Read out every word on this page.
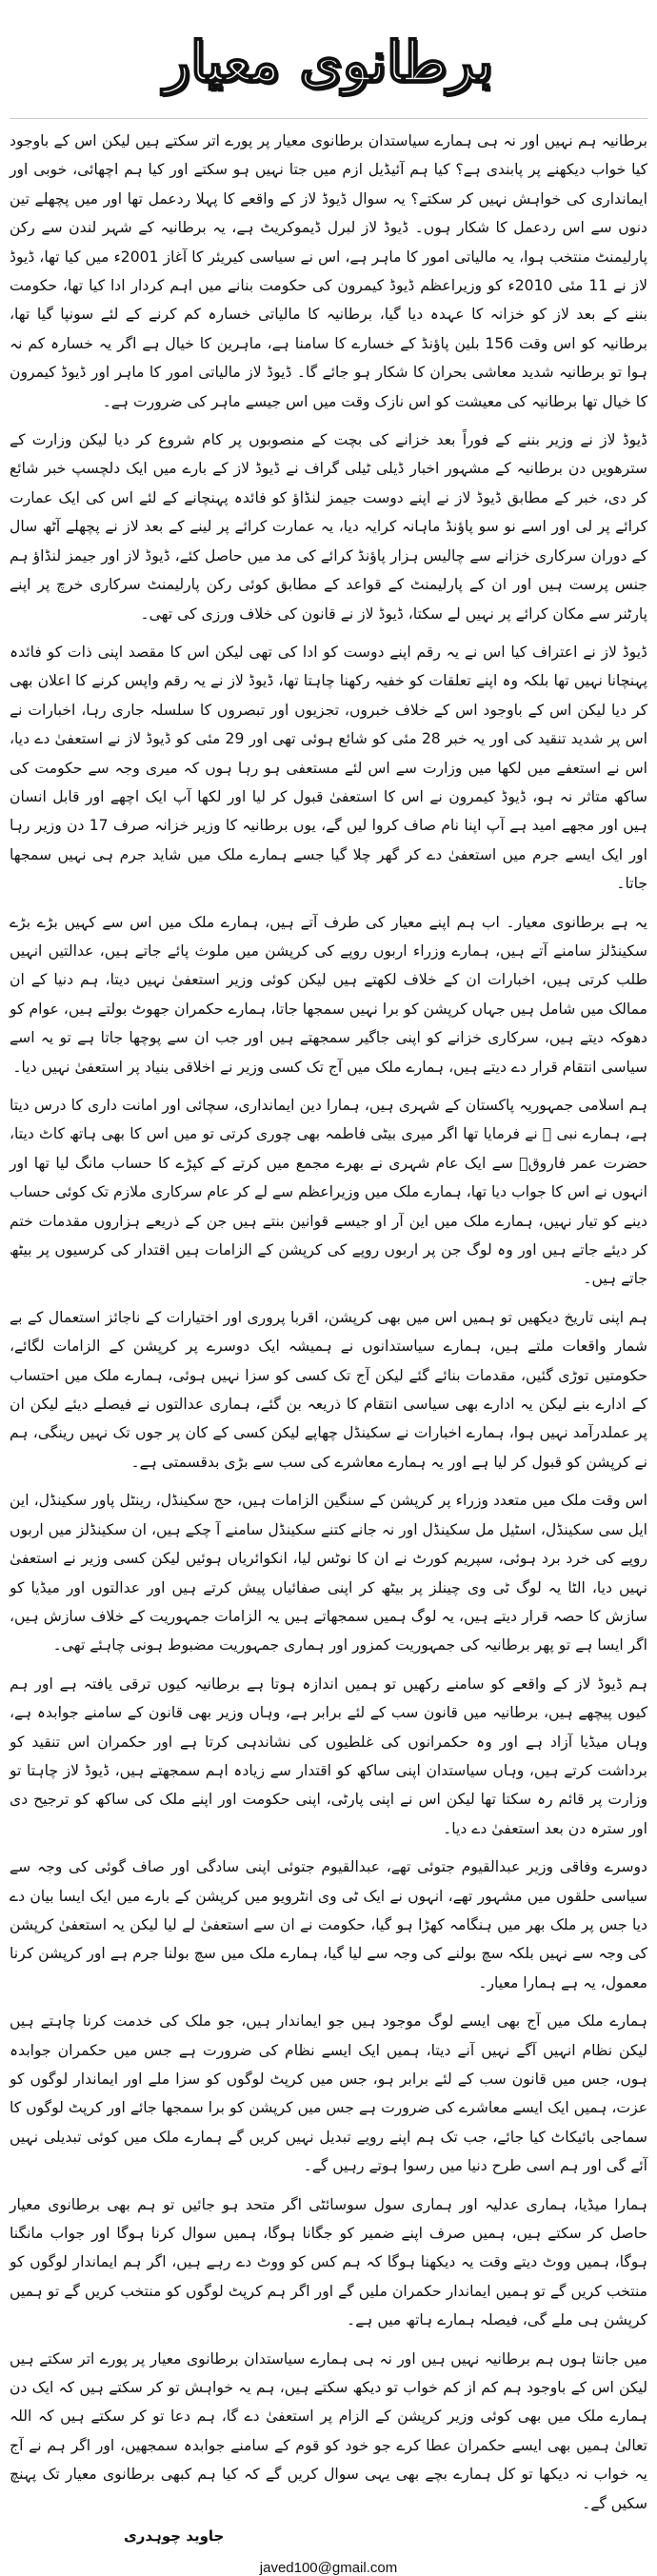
برطانوی معیار

برطانیہ ہم نہیں اور نہ ہی ہمارے سیاستدان برطانوی معیار پر پورے اتر سکتے ہیں لیکن اس کے باوجود کیا خواب دیکھنے پر پابندی ہے؟ کیا ہم آئیڈیل ازم میں جتا نہیں ہو سکتے اور کیا ہم اچھائی، خوبی اور ایمانداری کی خواہش نہیں کر سکتے؟ یہ سوال ڈیوڈ لاز کے واقعے کا پہلا ردعمل تھا اور میں پچھلے تین دنوں سے اس ردعمل کا شکار ہوں۔ ڈیوڈ لاز لبرل ڈیموکریٹ ہے، یہ برطانیہ کے شہر لندن سے رکن پارلیمنٹ منتخب ہوا، یہ مالیاتی امور کا ماہر ہے، اس نے سیاسی کیریئر کا آغاز 2001ء میں کیا تھا، ڈیوڈ لاز نے 11 مئی 2010ء کو وزیراعظم ڈیوڈ کیمرون کی حکومت بنانے میں اہم کردار ادا کیا تھا، حکومت بننے کے بعد لاز کو خزانہ کا عہدہ دیا گیا، برطانیہ کا مالیاتی خسارہ کم کرنے کے لئے سونپا گیا تھا، برطانیہ کو اس وقت 156 بلین پاؤنڈ کے خسارے کا سامنا ہے، ماہرین کا خیال ہے اگر یہ خسارہ کم نہ ہوا تو برطانیہ شدید معاشی بحران کا شکار ہو جائے گا۔ ڈیوڈ لاز مالیاتی امور کا ماہر اور ڈیوڈ کیمرون کا خیال تھا برطانیہ کی معیشت کو اس نازک وقت میں اس جیسے ماہر کی ضرورت ہے۔

ڈیوڈ لاز نے وزیر بننے کے فوراً بعد خزانے کی بچت کے منصوبوں پر کام شروع کر دیا لیکن وزارت کے سترھویں دن برطانیہ کے مشہور اخبار ڈیلی ٹیلی گراف نے ڈیوڈ لاز کے بارے میں ایک دلچسپ خبر شائع کر دی، خبر کے مطابق ڈیوڈ لاز نے اپنے دوست جیمز لنڈاؤ کو فائدہ پہنچانے کے لئے اس کی ایک عمارت کرائے پر لی اور اسے نو سو پاؤنڈ ماہانہ کرایہ دیا، یہ عمارت کرائے پر لینے کے بعد لاز نے پچھلے آٹھ سال کے دوران سرکاری خزانے سے چالیس ہزار پاؤنڈ کرائے کی مد میں حاصل کئے، ڈیوڈ لاز اور جیمز لنڈاؤ ہم جنس پرست ہیں اور ان کے پارلیمنٹ کے قواعد کے مطابق کوئی رکن پارلیمنٹ سرکاری خرچ پر اپنے پارٹنر سے مکان کرائے پر نہیں لے سکتا، ڈیوڈ لاز نے قانون کی خلاف ورزی کی تھی۔

ڈیوڈ لاز نے اعتراف کیا اس نے یہ رقم اپنے دوست کو ادا کی تھی لیکن اس کا مقصد اپنی ذات کو فائدہ پہنچانا نہیں تھا بلکہ وہ اپنے تعلقات کو خفیہ رکھنا چاہتا تھا، ڈیوڈ لاز نے یہ رقم واپس کرنے کا اعلان بھی کر دیا لیکن اس کے باوجود اس کے خلاف خبروں، تجزیوں اور تبصروں کا سلسلہ جاری رہا، اخبارات نے اس پر شدید تنقید کی اور یہ خبر 28 مئی کو شائع ہوئی تھی اور 29 مئی کو ڈیوڈ لاز نے استعفیٰ دے دیا، اس نے استعفے میں لکھا میں وزارت سے اس لئے مستعفی ہو رہا ہوں کہ میری وجہ سے حکومت کی ساکھ متاثر نہ ہو، ڈیوڈ کیمرون نے اس کا استعفیٰ قبول کر لیا اور لکھا آپ ایک اچھے اور قابل انسان ہیں اور مجھے امید ہے آپ اپنا نام صاف کروا لیں گے، یوں برطانیہ کا وزیر خزانہ صرف 17 دن وزیر رہا اور ایک ایسے جرم میں استعفیٰ دے کر گھر چلا گیا جسے ہمارے ملک میں شاید جرم ہی نہیں سمجھا جاتا۔

یہ ہے برطانوی معیار۔ اب ہم اپنے معیار کی طرف آتے ہیں، ہمارے ملک میں اس سے کہیں بڑے بڑے سکینڈلز سامنے آتے ہیں، ہمارے وزراء اربوں روپے کی کرپشن میں ملوث پائے جاتے ہیں، عدالتیں انہیں طلب کرتی ہیں، اخبارات ان کے خلاف لکھتے ہیں لیکن کوئی وزیر استعفیٰ نہیں دیتا، ہم دنیا کے ان ممالک میں شامل ہیں جہاں کرپشن کو برا نہیں سمجھا جاتا، ہمارے حکمران جھوٹ بولتے ہیں، عوام کو دھوکہ دیتے ہیں، سرکاری خزانے کو اپنی جاگیر سمجھتے ہیں اور جب ان سے پوچھا جاتا ہے تو یہ اسے سیاسی انتقام قرار دے دیتے ہیں، ہمارے ملک میں آج تک کسی وزیر نے اخلاقی بنیاد پر استعفیٰ نہیں دیا۔

ہم اسلامی جمہوریہ پاکستان کے شہری ہیں، ہمارا دین ایمانداری، سچائی اور امانت داری کا درس دیتا ہے، ہمارے نبی ﷺ نے فرمایا تھا اگر میری بیٹی فاطمہ بھی چوری کرتی تو میں اس کا بھی ہاتھ کاٹ دیتا، حضرت عمر فاروقؓ سے ایک عام شہری نے بھرے مجمع میں کرتے کے کپڑے کا حساب مانگ لیا تھا اور انہوں نے اس کا جواب دیا تھا، ہمارے ملک میں وزیراعظم سے لے کر عام سرکاری ملازم تک کوئی حساب دینے کو تیار نہیں، ہمارے ملک میں این آر او جیسے قوانین بنتے ہیں جن کے ذریعے ہزاروں مقدمات ختم کر دیئے جاتے ہیں اور وہ لوگ جن پر اربوں روپے کی کرپشن کے الزامات ہیں اقتدار کی کرسیوں پر بیٹھ جاتے ہیں۔

ہم اپنی تاریخ دیکھیں تو ہمیں اس میں بھی کرپشن، اقربا پروری اور اختیارات کے ناجائز استعمال کے بے شمار واقعات ملتے ہیں، ہمارے سیاستدانوں نے ہمیشہ ایک دوسرے پر کرپشن کے الزامات لگائے، حکومتیں توڑی گئیں، مقدمات بنائے گئے لیکن آج تک کسی کو سزا نہیں ہوئی، ہمارے ملک میں احتساب کے ادارے بنے لیکن یہ ادارے بھی سیاسی انتقام کا ذریعہ بن گئے، ہماری عدالتوں نے فیصلے دیئے لیکن ان پر عملدرآمد نہیں ہوا، ہمارے اخبارات نے سکینڈل چھاپے لیکن کسی کے کان پر جوں تک نہیں رینگی، ہم نے کرپشن کو قبول کر لیا ہے اور یہ ہمارے معاشرے کی سب سے بڑی بدقسمتی ہے۔

اس وقت ملک میں متعدد وزراء پر کرپشن کے سنگین الزامات ہیں، حج سکینڈل، رینٹل پاور سکینڈل، این ایل سی سکینڈل، اسٹیل مل سکینڈل اور نہ جانے کتنے سکینڈل سامنے آ چکے ہیں، ان سکینڈلز میں اربوں روپے کی خرد برد ہوئی، سپریم کورٹ نے ان کا نوٹس لیا، انکوائریاں ہوئیں لیکن کسی وزیر نے استعفیٰ نہیں دیا، الٹا یہ لوگ ٹی وی چینلز پر بیٹھ کر اپنی صفائیاں پیش کرتے ہیں اور عدالتوں اور میڈیا کو سازش کا حصہ قرار دیتے ہیں، یہ لوگ ہمیں سمجھاتے ہیں یہ الزامات جمہوریت کے خلاف سازش ہیں، اگر ایسا ہے تو پھر برطانیہ کی جمہوریت کمزور اور ہماری جمہوریت مضبوط ہونی چاہئے تھی۔

ہم ڈیوڈ لاز کے واقعے کو سامنے رکھیں تو ہمیں اندازہ ہوتا ہے برطانیہ کیوں ترقی یافتہ ہے اور ہم کیوں پیچھے ہیں، برطانیہ میں قانون سب کے لئے برابر ہے، وہاں وزیر بھی قانون کے سامنے جوابدہ ہے، وہاں میڈیا آزاد ہے اور وہ حکمرانوں کی غلطیوں کی نشاندہی کرتا ہے اور حکمران اس تنقید کو برداشت کرتے ہیں، وہاں سیاستدان اپنی ساکھ کو اقتدار سے زیادہ اہم سمجھتے ہیں، ڈیوڈ لاز چاہتا تو وزارت پر قائم رہ سکتا تھا لیکن اس نے اپنی پارٹی، اپنی حکومت اور اپنے ملک کی ساکھ کو ترجیح دی اور سترہ دن بعد استعفیٰ دے دیا۔

دوسرے وفاقی وزیر عبدالقیوم جتوئی تھے، عبدالقیوم جتوئی اپنی سادگی اور صاف گوئی کی وجہ سے سیاسی حلقوں میں مشہور تھے، انہوں نے ایک ٹی وی انٹرویو میں کرپشن کے بارے میں ایک ایسا بیان دے دیا جس پر ملک بھر میں ہنگامہ کھڑا ہو گیا، حکومت نے ان سے استعفیٰ لے لیا لیکن یہ استعفیٰ کرپشن کی وجہ سے نہیں بلکہ سچ بولنے کی وجہ سے لیا گیا، ہمارے ملک میں سچ بولنا جرم ہے اور کرپشن کرنا معمول، یہ ہے ہمارا معیار۔

ہمارے ملک میں آج بھی ایسے لوگ موجود ہیں جو ایماندار ہیں، جو ملک کی خدمت کرنا چاہتے ہیں لیکن نظام انہیں آگے نہیں آنے دیتا، ہمیں ایک ایسے نظام کی ضرورت ہے جس میں حکمران جوابدہ ہوں، جس میں قانون سب کے لئے برابر ہو، جس میں کرپٹ لوگوں کو سزا ملے اور ایماندار لوگوں کو عزت، ہمیں ایک ایسے معاشرے کی ضرورت ہے جس میں کرپشن کو برا سمجھا جائے اور کرپٹ لوگوں کا سماجی بائیکاٹ کیا جائے، جب تک ہم اپنے رویے تبدیل نہیں کریں گے ہمارے ملک میں کوئی تبدیلی نہیں آئے گی اور ہم اسی طرح دنیا میں رسوا ہوتے رہیں گے۔

ہمارا میڈیا، ہماری عدلیہ اور ہماری سول سوسائٹی اگر متحد ہو جائیں تو ہم بھی برطانوی معیار حاصل کر سکتے ہیں، ہمیں صرف اپنے ضمیر کو جگانا ہوگا، ہمیں سوال کرنا ہوگا اور جواب مانگنا ہوگا، ہمیں ووٹ دیتے وقت یہ دیکھنا ہوگا کہ ہم کس کو ووٹ دے رہے ہیں، اگر ہم ایماندار لوگوں کو منتخب کریں گے تو ہمیں ایماندار حکمران ملیں گے اور اگر ہم کرپٹ لوگوں کو منتخب کریں گے تو ہمیں کرپشن ہی ملے گی، فیصلہ ہمارے ہاتھ میں ہے۔

میں جانتا ہوں ہم برطانیہ نہیں ہیں اور نہ ہی ہمارے سیاستدان برطانوی معیار پر پورے اتر سکتے ہیں لیکن اس کے باوجود ہم کم از کم خواب تو دیکھ سکتے ہیں، ہم یہ خواہش تو کر سکتے ہیں کہ ایک دن ہمارے ملک میں بھی کوئی وزیر کرپشن کے الزام پر استعفیٰ دے گا، ہم دعا تو کر سکتے ہیں کہ اللہ تعالیٰ ہمیں بھی ایسے حکمران عطا کرے جو خود کو قوم کے سامنے جوابدہ سمجھیں، اور اگر ہم نے آج یہ خواب نہ دیکھا تو کل ہمارے بچے بھی یہی سوال کریں گے کہ کیا ہم کبھی برطانوی معیار تک پہنچ سکیں گے۔

جاوید چوہدری
javed100@gmail.com
